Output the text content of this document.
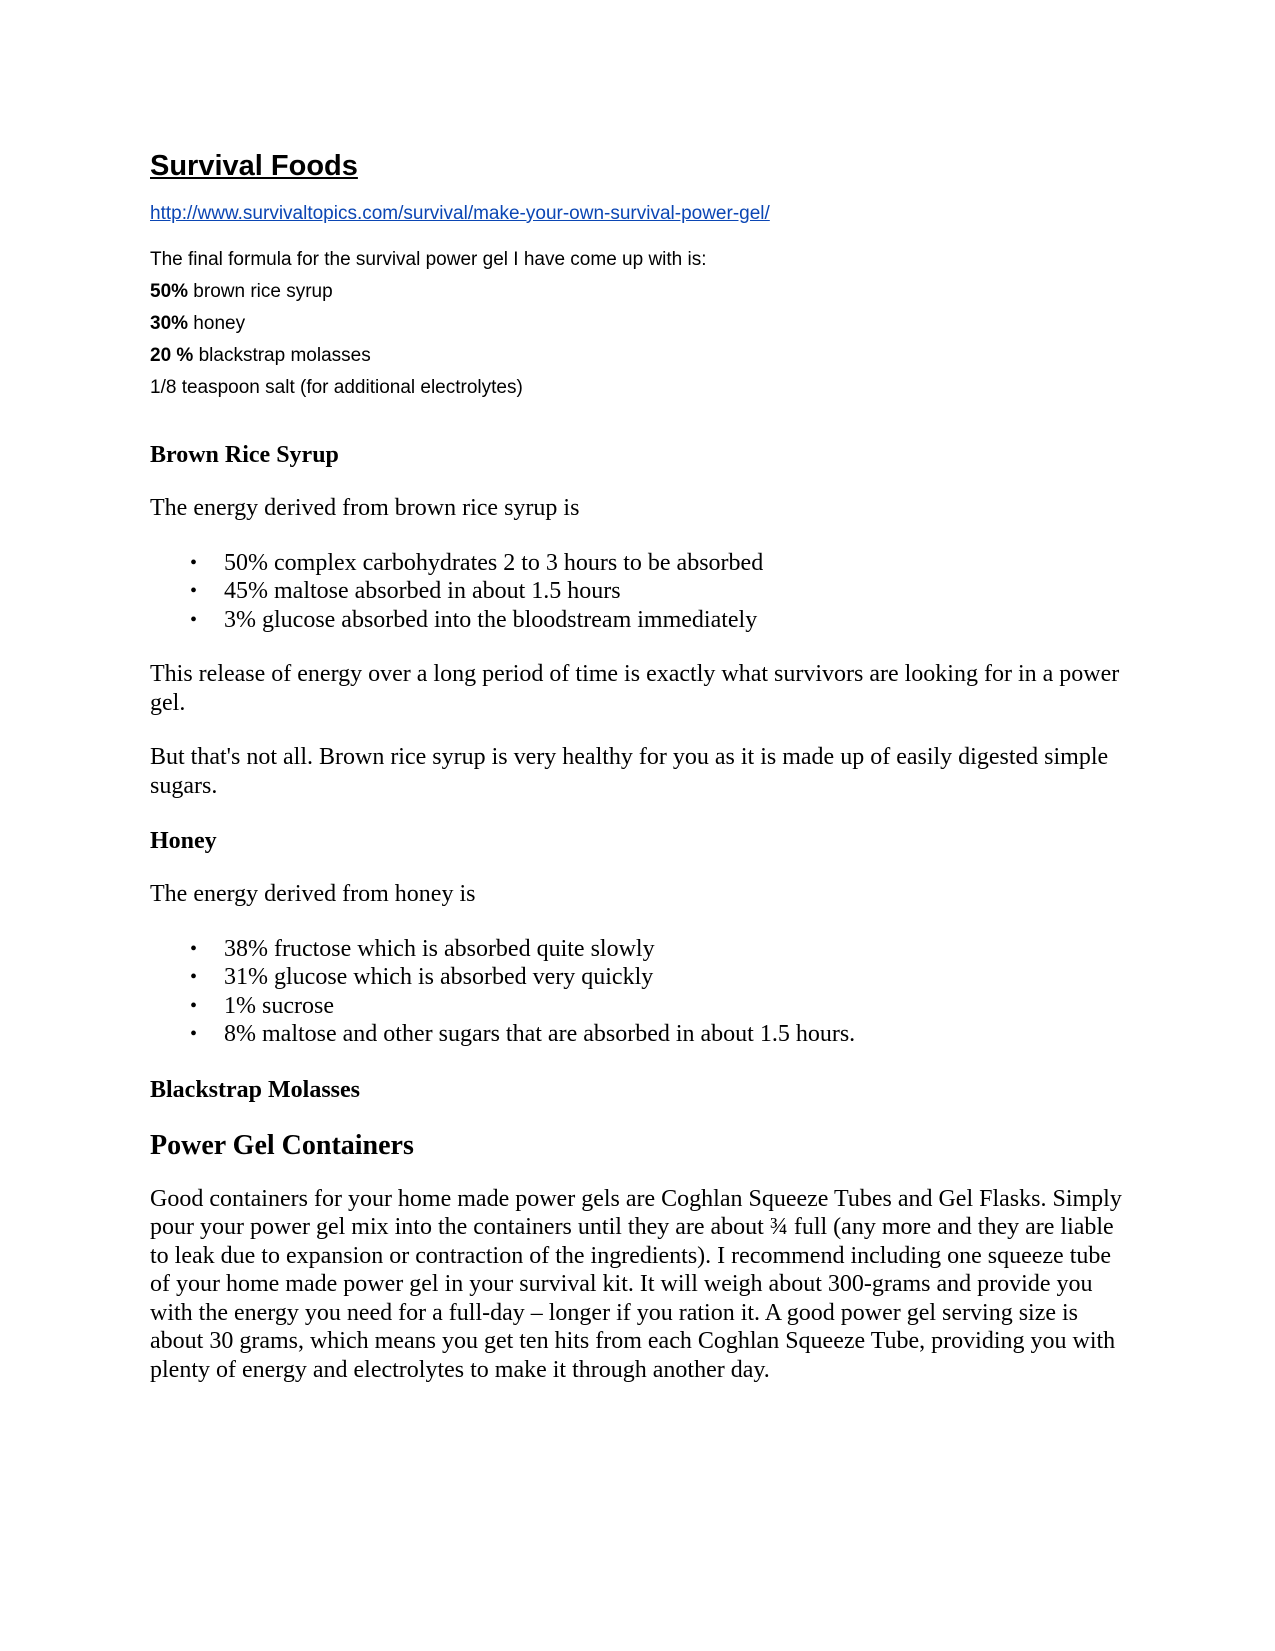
Survival Foods
http://www.survivaltopics.com/survival/make-your-own-survival-power-gel/
The final formula for the survival power gel I have come up with is:
50% brown rice syrup
30% honey
20 % blackstrap molasses
1/8 teaspoon salt (for additional electrolytes)
Brown Rice Syrup

The energy derived from brown rice syrup is

• 50% complex carbohydrates 2 to 3 hours to be absorbed
• 45% maltose absorbed in about 1.5 hours
• 3% glucose absorbed into the bloodstream immediately

This release of energy over a long period of time is exactly what survivors are looking for in a power gel.

But that's not all. Brown rice syrup is very healthy for you as it is made up of easily digested simple sugars.

Honey

The energy derived from honey is

• 38% fructose which is absorbed quite slowly
• 31% glucose which is absorbed very quickly
• 1% sucrose
• 8% maltose and other sugars that are absorbed in about 1.5 hours.
Blackstrap Molasses
Power Gel Containers

Good containers for your home made power gels are Coghlan Squeeze Tubes and Gel Flasks. Simply pour your power gel mix into the containers until they are about ¾ full (any more and they are liable to leak due to expansion or contraction of the ingredients). I recommend including one squeeze tube of your home made power gel in your survival kit. It will weigh about 300-grams and provide you with the energy you need for a full-day – longer if you ration it. A good power gel serving size is about 30 grams, which means you get ten hits from each Coghlan Squeeze Tube, providing you with plenty of energy and electrolytes to make it through another day.
